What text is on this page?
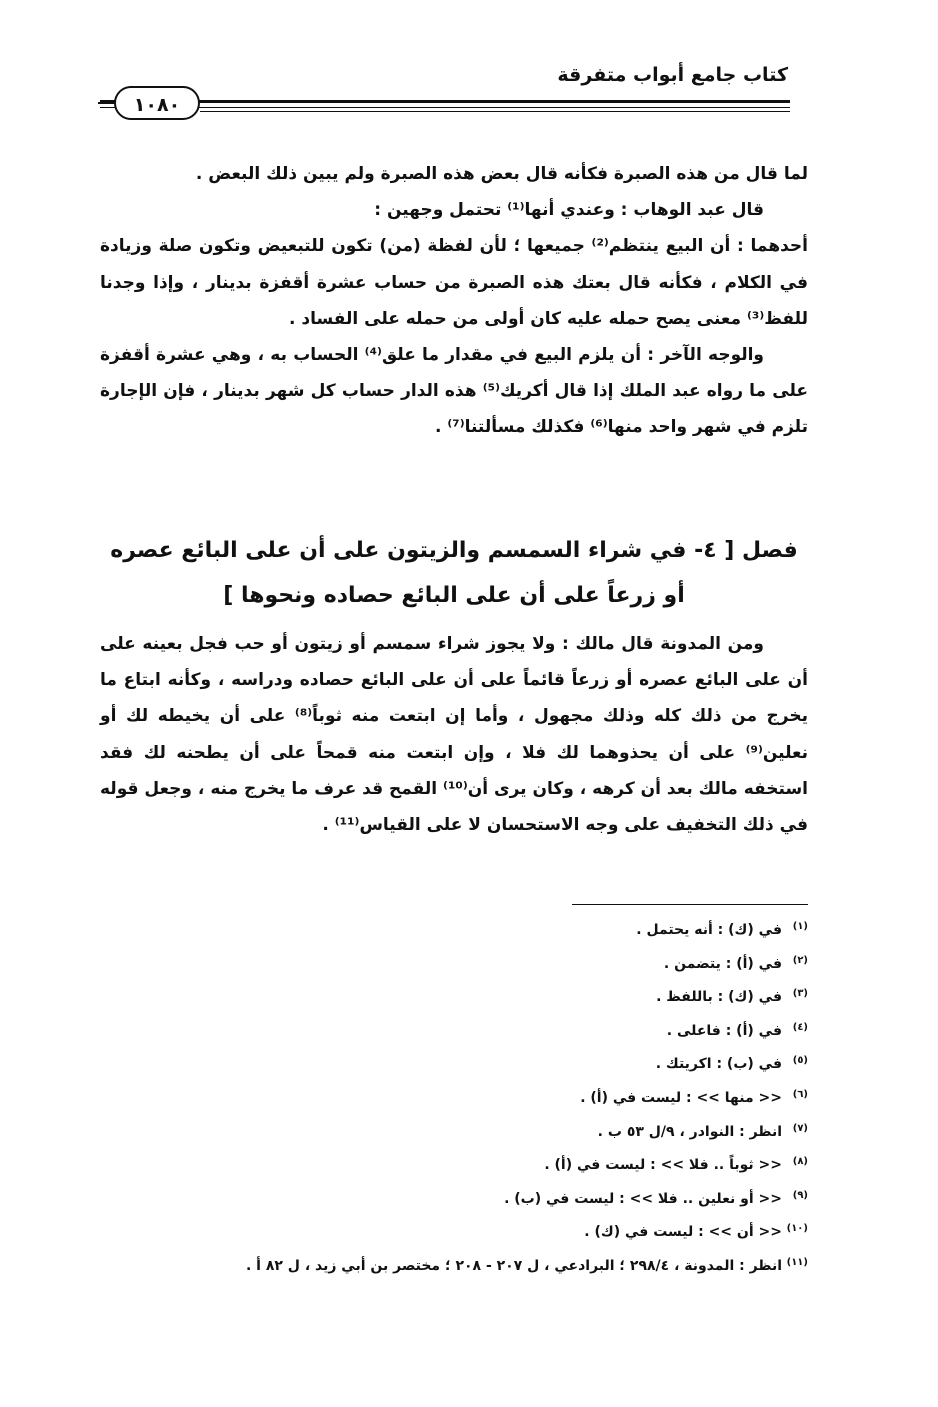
كتاب جامع أبواب متفرقة
١٠٨٠

لما قال من هذه الصبرة فكأنه قال بعض هذه الصبرة ولم يبين ذلك البعض .

قال عبد الوهاب : وعندي أنها⁽¹⁾ تحتمل وجهين :

أحدهما : أن البيع ينتظم⁽²⁾ جميعها ؛ لأن لفظة (من) تكون للتبعيض وتكون صلة وزيادة في الكلام ، فكأنه قال بعتك هذه الصبرة من حساب عشرة أقفزة بدينار ، وإذا وجدنا للفظ⁽³⁾ معنى يصح حمله عليه كان أولى من حمله على الفساد .

والوجه الآخر : أن يلزم البيع في مقدار ما علق⁽⁴⁾ الحساب به ، وهي عشرة أقفزة على ما رواه عبد الملك إذا قال أكريك⁽⁵⁾ هذه الدار حساب كل شهر بدينار ، فإن الإجارة تلزم في شهر واحد منها⁽⁶⁾ فكذلك مسألتنا⁽⁷⁾ .

فصل [ ٤- في شراء السمسم والزيتون على أن على البائع عصره أو زرعاً على أن على البائع حصاده ونحوها ]

ومن المدونة قال مالك : ولا يجوز شراء سمسم أو زيتون أو حب فجل بعينه على أن على البائع عصره أو زرعاً قائماً على أن على البائع حصاده ودراسه ، وكأنه ابتاع ما يخرج من ذلك كله وذلك مجهول ، وأما إن ابتعت منه ثوباً⁽⁸⁾ على أن يخيطه لك أو نعلين⁽⁹⁾ على أن يحذوهما لك فلا ، وإن ابتعت منه قمحاً على أن يطحنه لك فقد استخفه مالك بعد أن كرهه ، وكان يرى أن⁽¹⁰⁾ القمح قد عرف ما يخرج منه ، وجعل قوله في ذلك التخفيف على وجه الاستحسان لا على القياس⁽¹¹⁾ .

(١)في (ك) : أنه يحتمل .
(٢)في (أ) : يتضمن .
(٣)في (ك) : باللفظ .
(٤)في (أ) : فاعلى .
(٥)في (ب) : اكريتك .
(٦)<< منها >> : ليست في (أ) .
(٧)انظر : النوادر ، ٩/ل ٥٣ ب .
(٨)<< ثوباً .. فلا >> : ليست في (أ) .
(٩)<< أو نعلين .. فلا >> : ليست في (ب) .
(١٠)<< أن >> : ليست في (ك) .
(١١)انظر : المدونة ، ٢٩٨/٤ ؛ البرادعي ، ل ٢٠٧ - ٢٠٨ ؛ مختصر بن أبي زيد ، ل ٨٢ أ .
